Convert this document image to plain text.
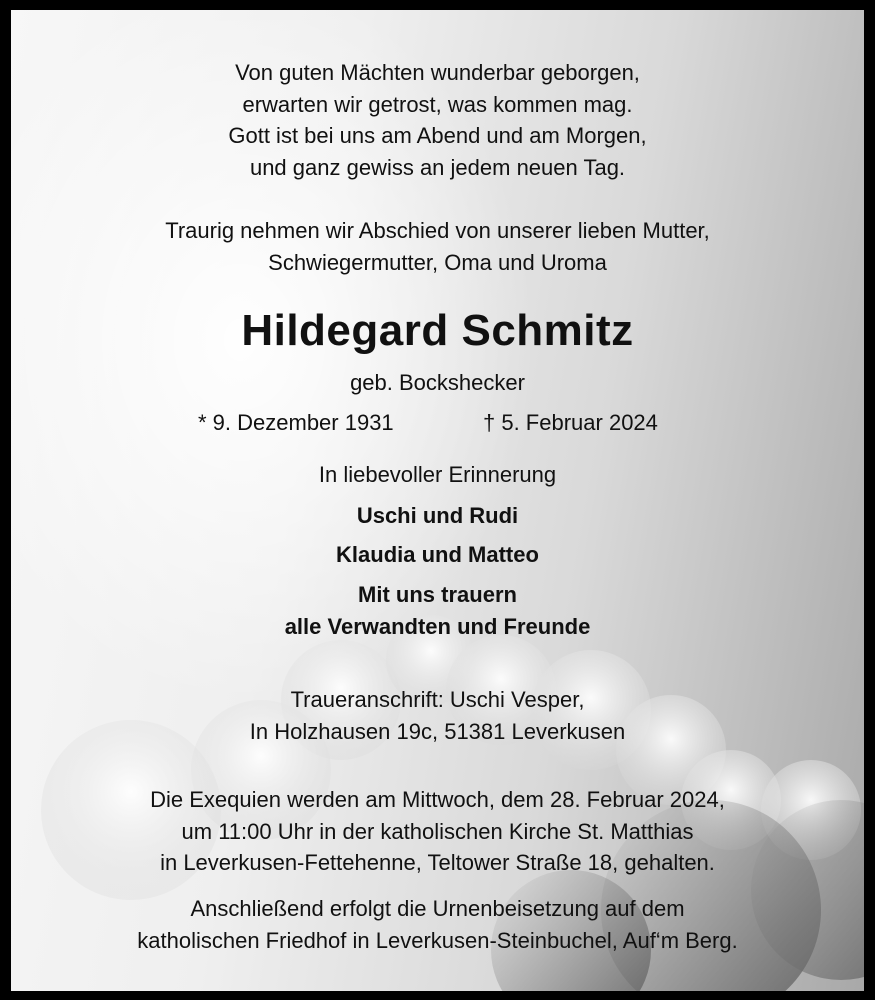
Von guten Mächten wunderbar geborgen,
erwarten wir getrost, was kommen mag.
Gott ist bei uns am Abend und am Morgen,
und ganz gewiss an jedem neuen Tag.
Traurig nehmen wir Abschied von unserer lieben Mutter,
Schwiegermutter, Oma und Uroma
Hildegard Schmitz
geb. Bockshecker
* 9. Dezember 1931	† 5. Februar 2024
In liebevoller Erinnerung
Uschi und Rudi
Klaudia und Matteo
Mit uns trauern
alle Verwandten und Freunde
Traueranschrift: Uschi Vesper,
In Holzhausen 19c, 51381 Leverkusen
Die Exequien werden am Mittwoch, dem 28. Februar 2024,
um 11:00 Uhr in der katholischen Kirche St. Matthias
in Leverkusen-Fettehenne, Teltower Straße 18, gehalten.
Anschließend erfolgt die Urnenbeisetzung auf dem
katholischen Friedhof in Leverkusen-Steinbuchel, Auf‘m Berg.
